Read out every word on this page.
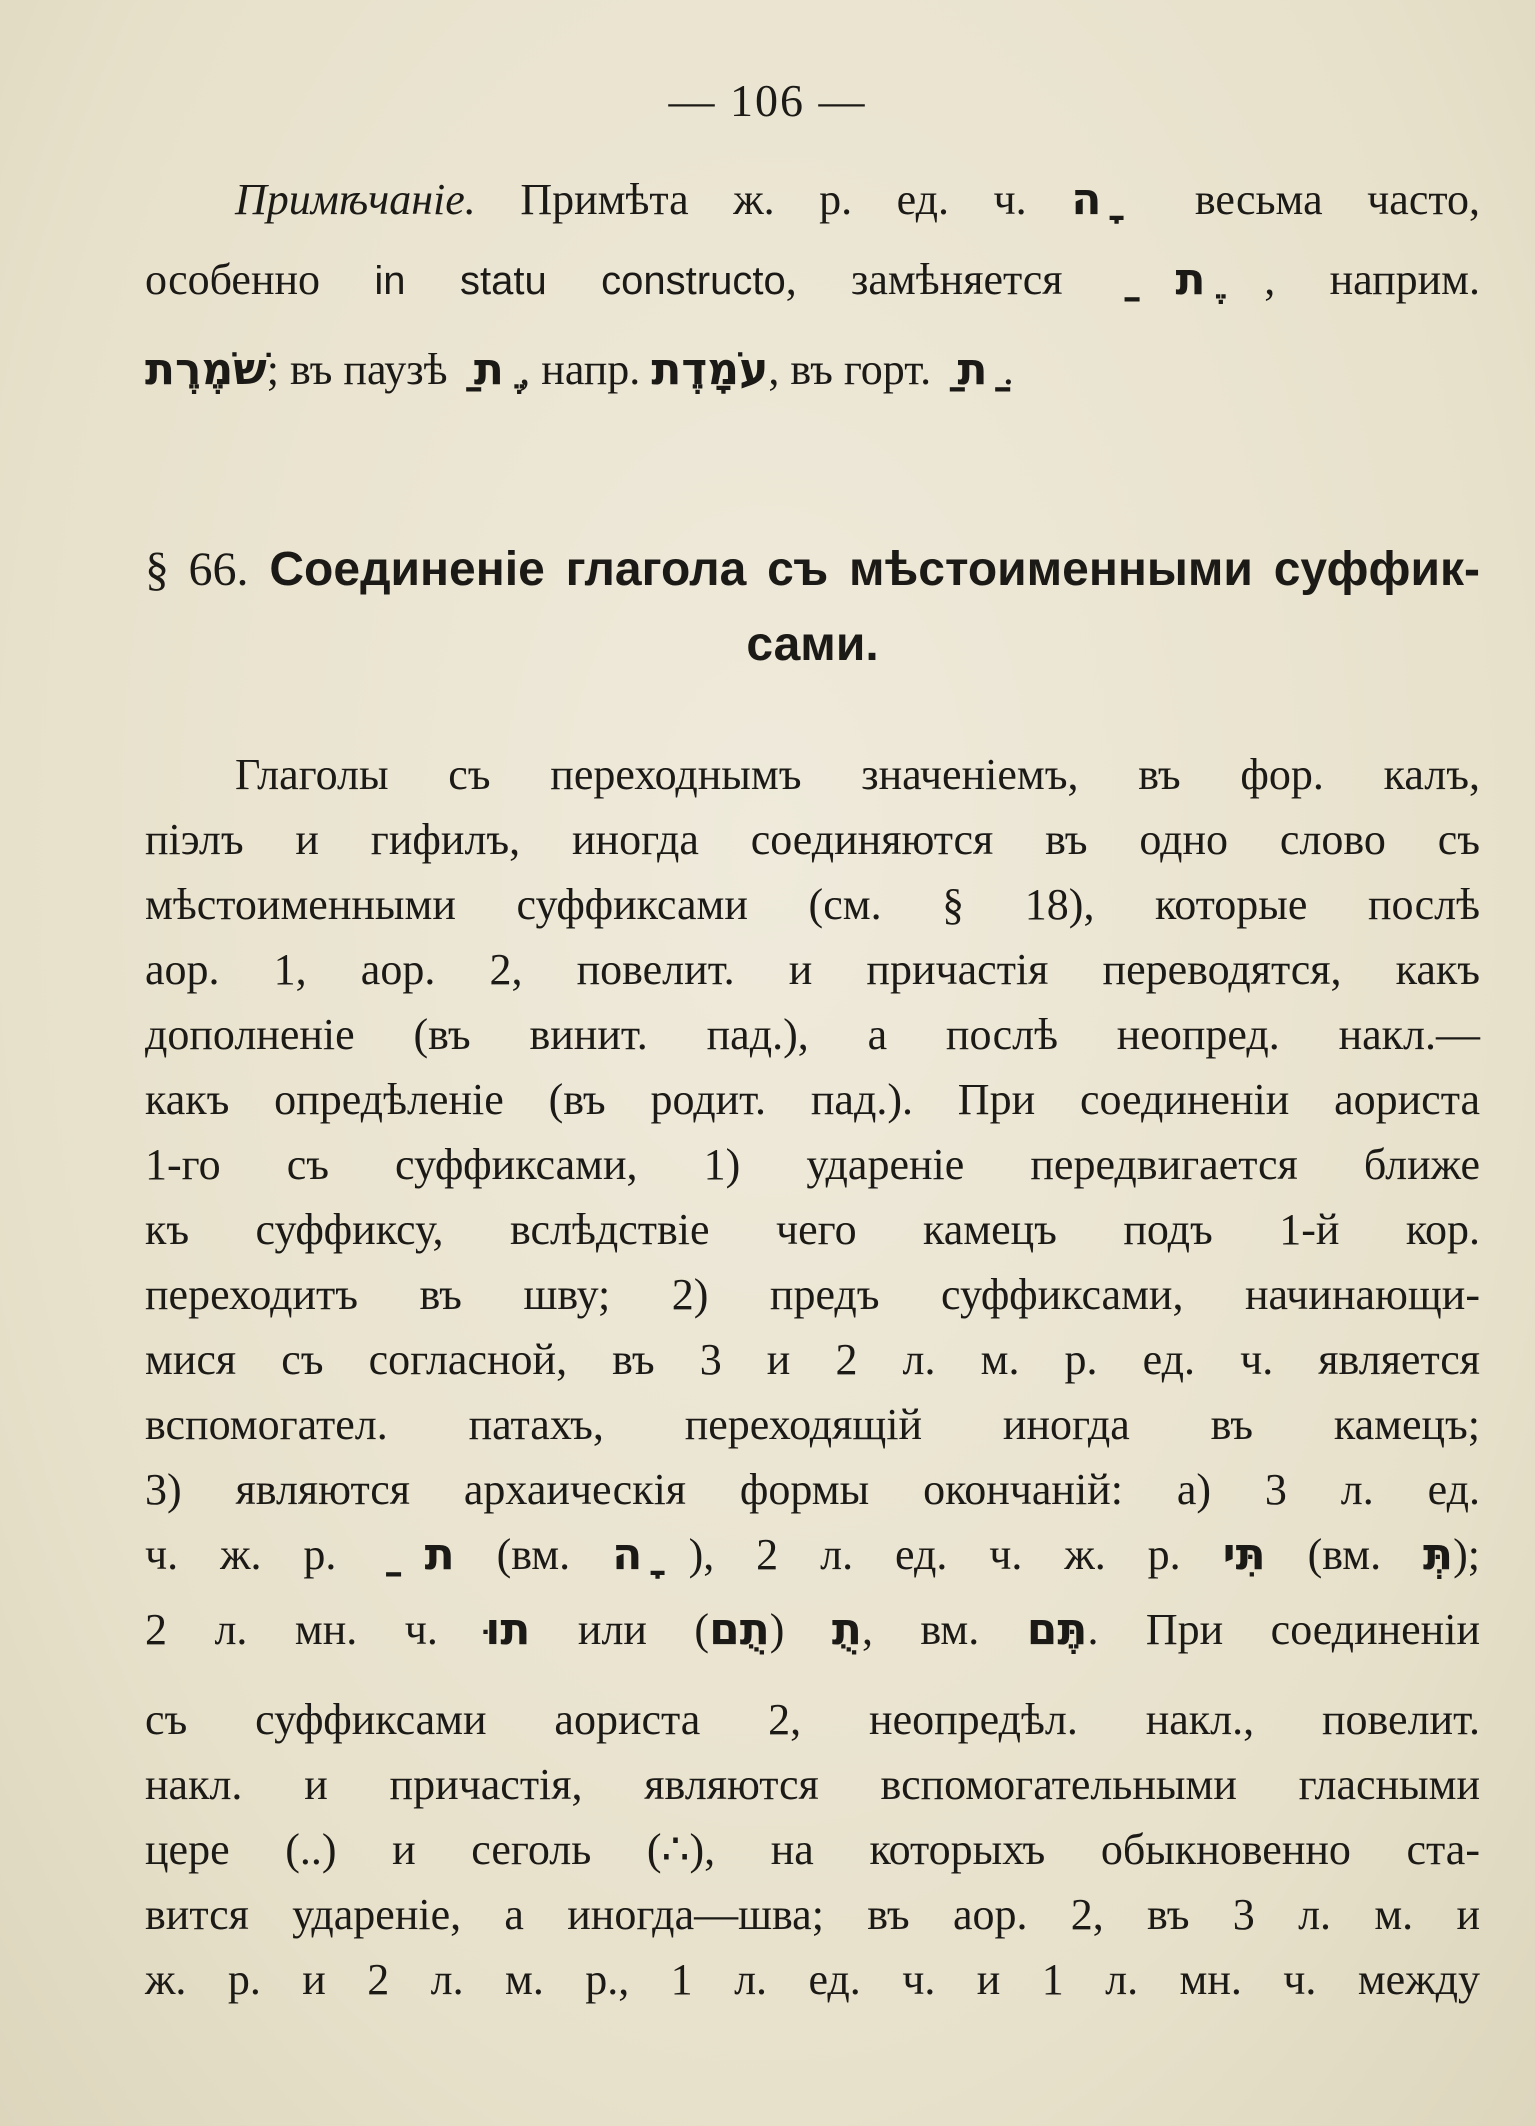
— 106 —
Примѣчаніе. Примѣта ж. р. ед. ч. ה ָ весьма часто,
особенно in statu constructo, замѣняется ַ ת ֶ, наприм.
שֹׁמֶרֶת; въ паузѣ ַ ת ֶ, напр. עֹמָדֶת, въ горт. ַ ת ַ.
§ 66. Соединеніе глагола съ мѣстоименными суффик-
сами.
Глаголы съ переходнымъ значеніемъ, въ фор. калъ,
піэлъ и гифилъ, иногда соединяются въ одно слово съ
мѣстоименными суффиксами (см. § 18), которые послѣ
аор. 1, аор. 2, повелит. и причастія переводятся, какъ
дополненіе (въ винит. пад.), а послѣ неопред. накл.—
какъ опредѣленіе (въ родит. пад.). При соединеніи аориста
1-го съ суффиксами, 1) удареніе передвигается ближе
къ суффиксу, вслѣдствіе чего камецъ подъ 1-й кор.
переходитъ въ шву; 2) предъ суффиксами, начинающи-
мися съ согласной, въ 3 и 2 л. м. р. ед. ч. является
вспомогател. патахъ, переходящій иногда въ камецъ;
3) являются архаическія формы окончаній: а) 3 л. ед.
ч. ж. р. ַ ת (вм. ה ָ), 2 л. ед. ч. ж. р. תִּי (вм. תְּ);
2 л. мн. ч. תוּ или	תֻ (תֻם), вм. תֶּם. При соединеніи
съ суффиксами аориста 2, неопредѣл. накл., повелит.
накл. и причастія, являются вспомогательными гласными
цере (..) и сеголь (∴), на которыхъ обыкновенно ста-
вится удареніе, а иногда—шва; въ аор. 2, въ 3 л. м. и
ж. р. и 2 л. м. р., 1 л. ед. ч. и 1 л. мн. ч. между
